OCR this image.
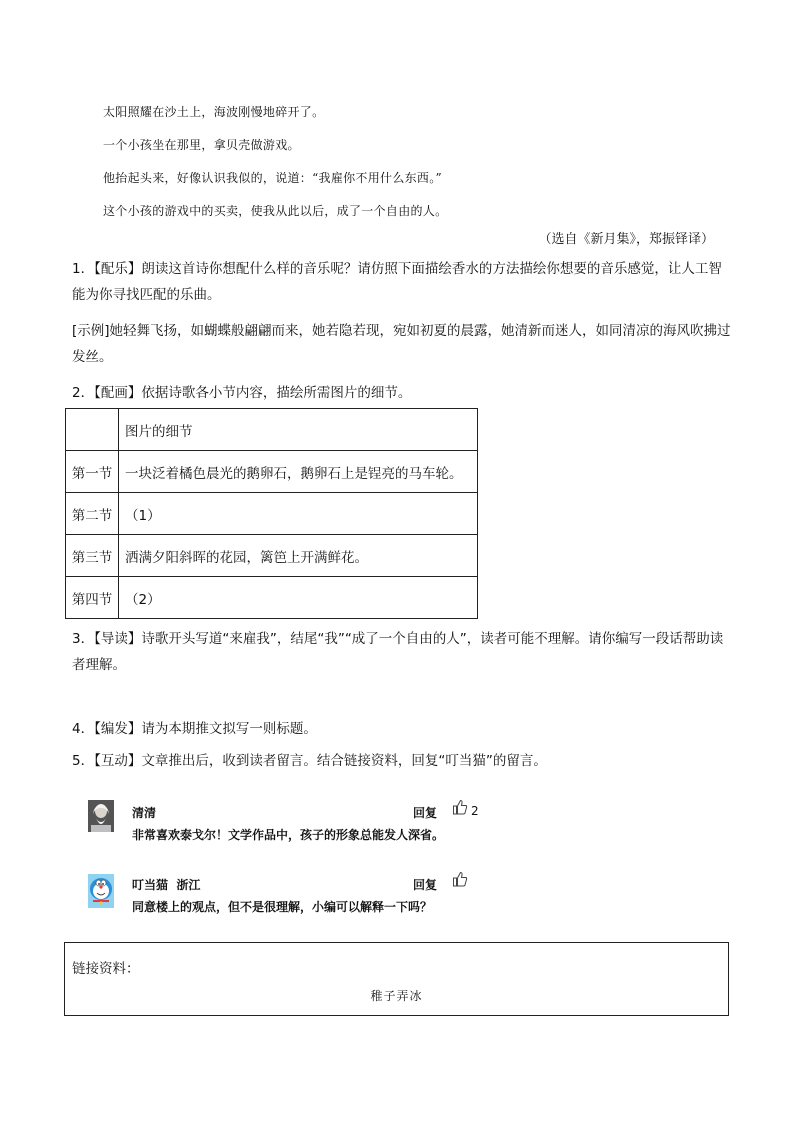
太阳照耀在沙土上，海波刚慢地碎开了。

一个小孩坐在那里，拿贝壳做游戏。

他抬起头来，好像认识我似的，说道：“我雇你不用什么东西。”

这个小孩的游戏中的买卖，使我从此以后，成了一个自由的人。

（选自《新月集》，郑振铎译）
1．【配乐】朗读这首诗你想配什么样的音乐呢？请仿照下面描绘香水的方法描绘你想要的音乐感觉，让人工智能为你寻找匹配的乐曲。
[示例]她轻舞飞扬，如蝴蝶般翩翩而来，她若隐若现，宛如初夏的晨露，她清新而迷人，如同清凉的海风吹拂过发丝。
2．【配画】依据诗歌各小节内容，描绘所需图片的细节。
	图片的细节
第一节	一块泛着橘色晨光的鹅卵石，鹅卵石上是锃亮的马车轮。
第二节	（1）
第三节	洒满夕阳斜晖的花园，篱笆上开满鲜花。
第四节	（2）
3．【导读】诗歌开头写道“来雇我”，结尾“我”“成了一个自由的人”，读者可能不理解。请你编写一段话帮助读者理解。
4．【编发】请为本期推文拟写一则标题。
5．【互动】文章推出后，收到读者留言。结合链接资料，回复“叮当猫”的留言。
清清	回复	2
非常喜欢泰戈尔！文学作品中，孩子的形象总能发人深省。
叮当猫  浙江	回复
同意楼上的观点，但不是很理解，小编可以解释一下吗？
链接资料：
稚子弄冰
